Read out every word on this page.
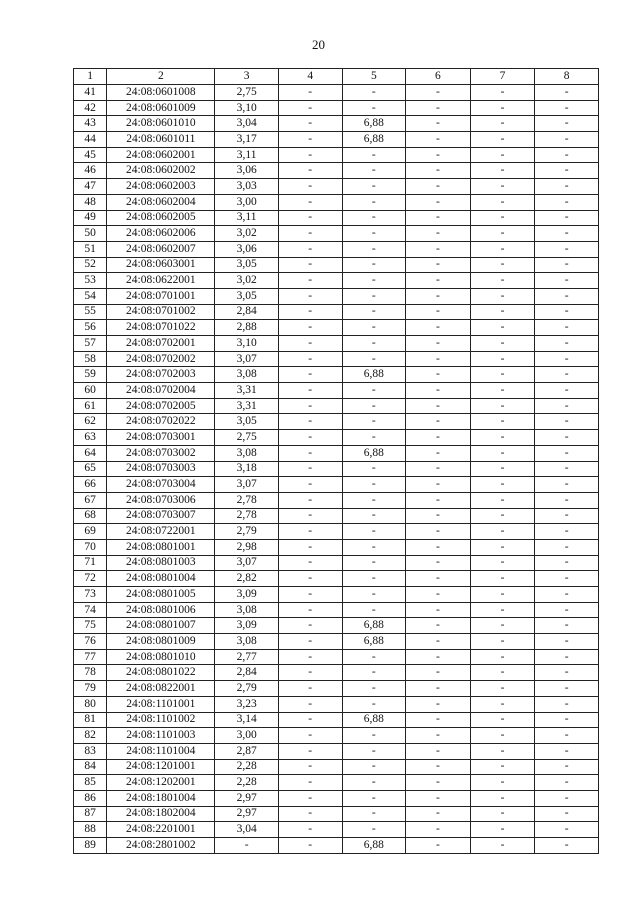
20
1	2	3	4	5	6	7	8
41	24:08:0601008	2,75	-	-	-	-	-
42	24:08:0601009	3,10	-	-	-	-	-
43	24:08:0601010	3,04	-	6,88	-	-	-
44	24:08:0601011	3,17	-	6,88	-	-	-
45	24:08:0602001	3,11	-	-	-	-	-
46	24:08:0602002	3,06	-	-	-	-	-
47	24:08:0602003	3,03	-	-	-	-	-
48	24:08:0602004	3,00	-	-	-	-	-
49	24:08:0602005	3,11	-	-	-	-	-
50	24:08:0602006	3,02	-	-	-	-	-
51	24:08:0602007	3,06	-	-	-	-	-
52	24:08:0603001	3,05	-	-	-	-	-
53	24:08:0622001	3,02	-	-	-	-	-
54	24:08:0701001	3,05	-	-	-	-	-
55	24:08:0701002	2,84	-	-	-	-	-
56	24:08:0701022	2,88	-	-	-	-	-
57	24:08:0702001	3,10	-	-	-	-	-
58	24:08:0702002	3,07	-	-	-	-	-
59	24:08:0702003	3,08	-	6,88	-	-	-
60	24:08:0702004	3,31	-	-	-	-	-
61	24:08:0702005	3,31	-	-	-	-	-
62	24:08:0702022	3,05	-	-	-	-	-
63	24:08:0703001	2,75	-	-	-	-	-
64	24:08:0703002	3,08	-	6,88	-	-	-
65	24:08:0703003	3,18	-	-	-	-	-
66	24:08:0703004	3,07	-	-	-	-	-
67	24:08:0703006	2,78	-	-	-	-	-
68	24:08:0703007	2,78	-	-	-	-	-
69	24:08:0722001	2,79	-	-	-	-	-
70	24:08:0801001	2,98	-	-	-	-	-
71	24:08:0801003	3,07	-	-	-	-	-
72	24:08:0801004	2,82	-	-	-	-	-
73	24:08:0801005	3,09	-	-	-	-	-
74	24:08:0801006	3,08	-	-	-	-	-
75	24:08:0801007	3,09	-	6,88	-	-	-
76	24:08:0801009	3,08	-	6,88	-	-	-
77	24:08:0801010	2,77	-	-	-	-	-
78	24:08:0801022	2,84	-	-	-	-	-
79	24:08:0822001	2,79	-	-	-	-	-
80	24:08:1101001	3,23	-	-	-	-	-
81	24:08:1101002	3,14	-	6,88	-	-	-
82	24:08:1101003	3,00	-	-	-	-	-
83	24:08:1101004	2,87	-	-	-	-	-
84	24:08:1201001	2,28	-	-	-	-	-
85	24:08:1202001	2,28	-	-	-	-	-
86	24:08:1801004	2,97	-	-	-	-	-
87	24:08:1802004	2,97	-	-	-	-	-
88	24:08:2201001	3,04	-	-	-	-	-
89	24:08:2801002	-	-	6,88	-	-	-
